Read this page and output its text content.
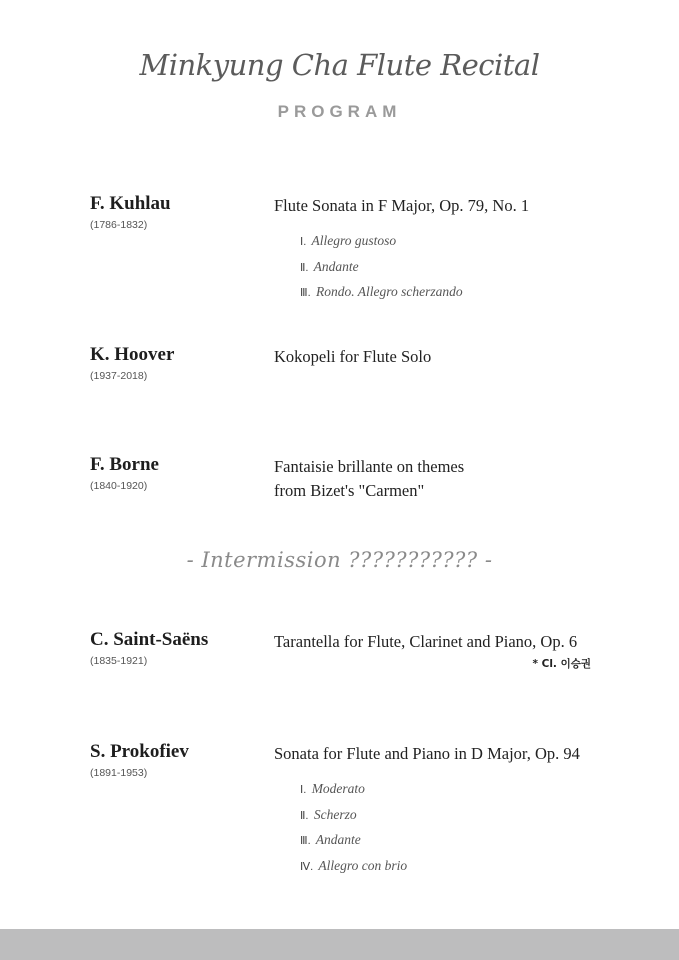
Minkyung Cha Flute Recital
PROGRAM
F. Kuhlau
(1786-1832)
Flute Sonata in F Major, Op. 79, No. 1
Ⅰ. Allegro gustoso
Ⅱ. Andante
Ⅲ. Rondo. Allegro scherzando
K. Hoover
(1937-2018)
Kokopeli for Flute Solo
F. Borne
(1840-1920)
Fantaisie brillante on themes
from Bizet's "Carmen"
- Intermission ??????????? -
C. Saint-Saëns
(1835-1921)
Tarantella for Flute, Clarinet and Piano, Op. 6
* Cl. 이승권
S. Prokofiev
(1891-1953)
Sonata for Flute and Piano in D Major, Op. 94
Ⅰ. Moderato
Ⅱ. Scherzo
Ⅲ. Andante
Ⅳ. Allegro con brio
